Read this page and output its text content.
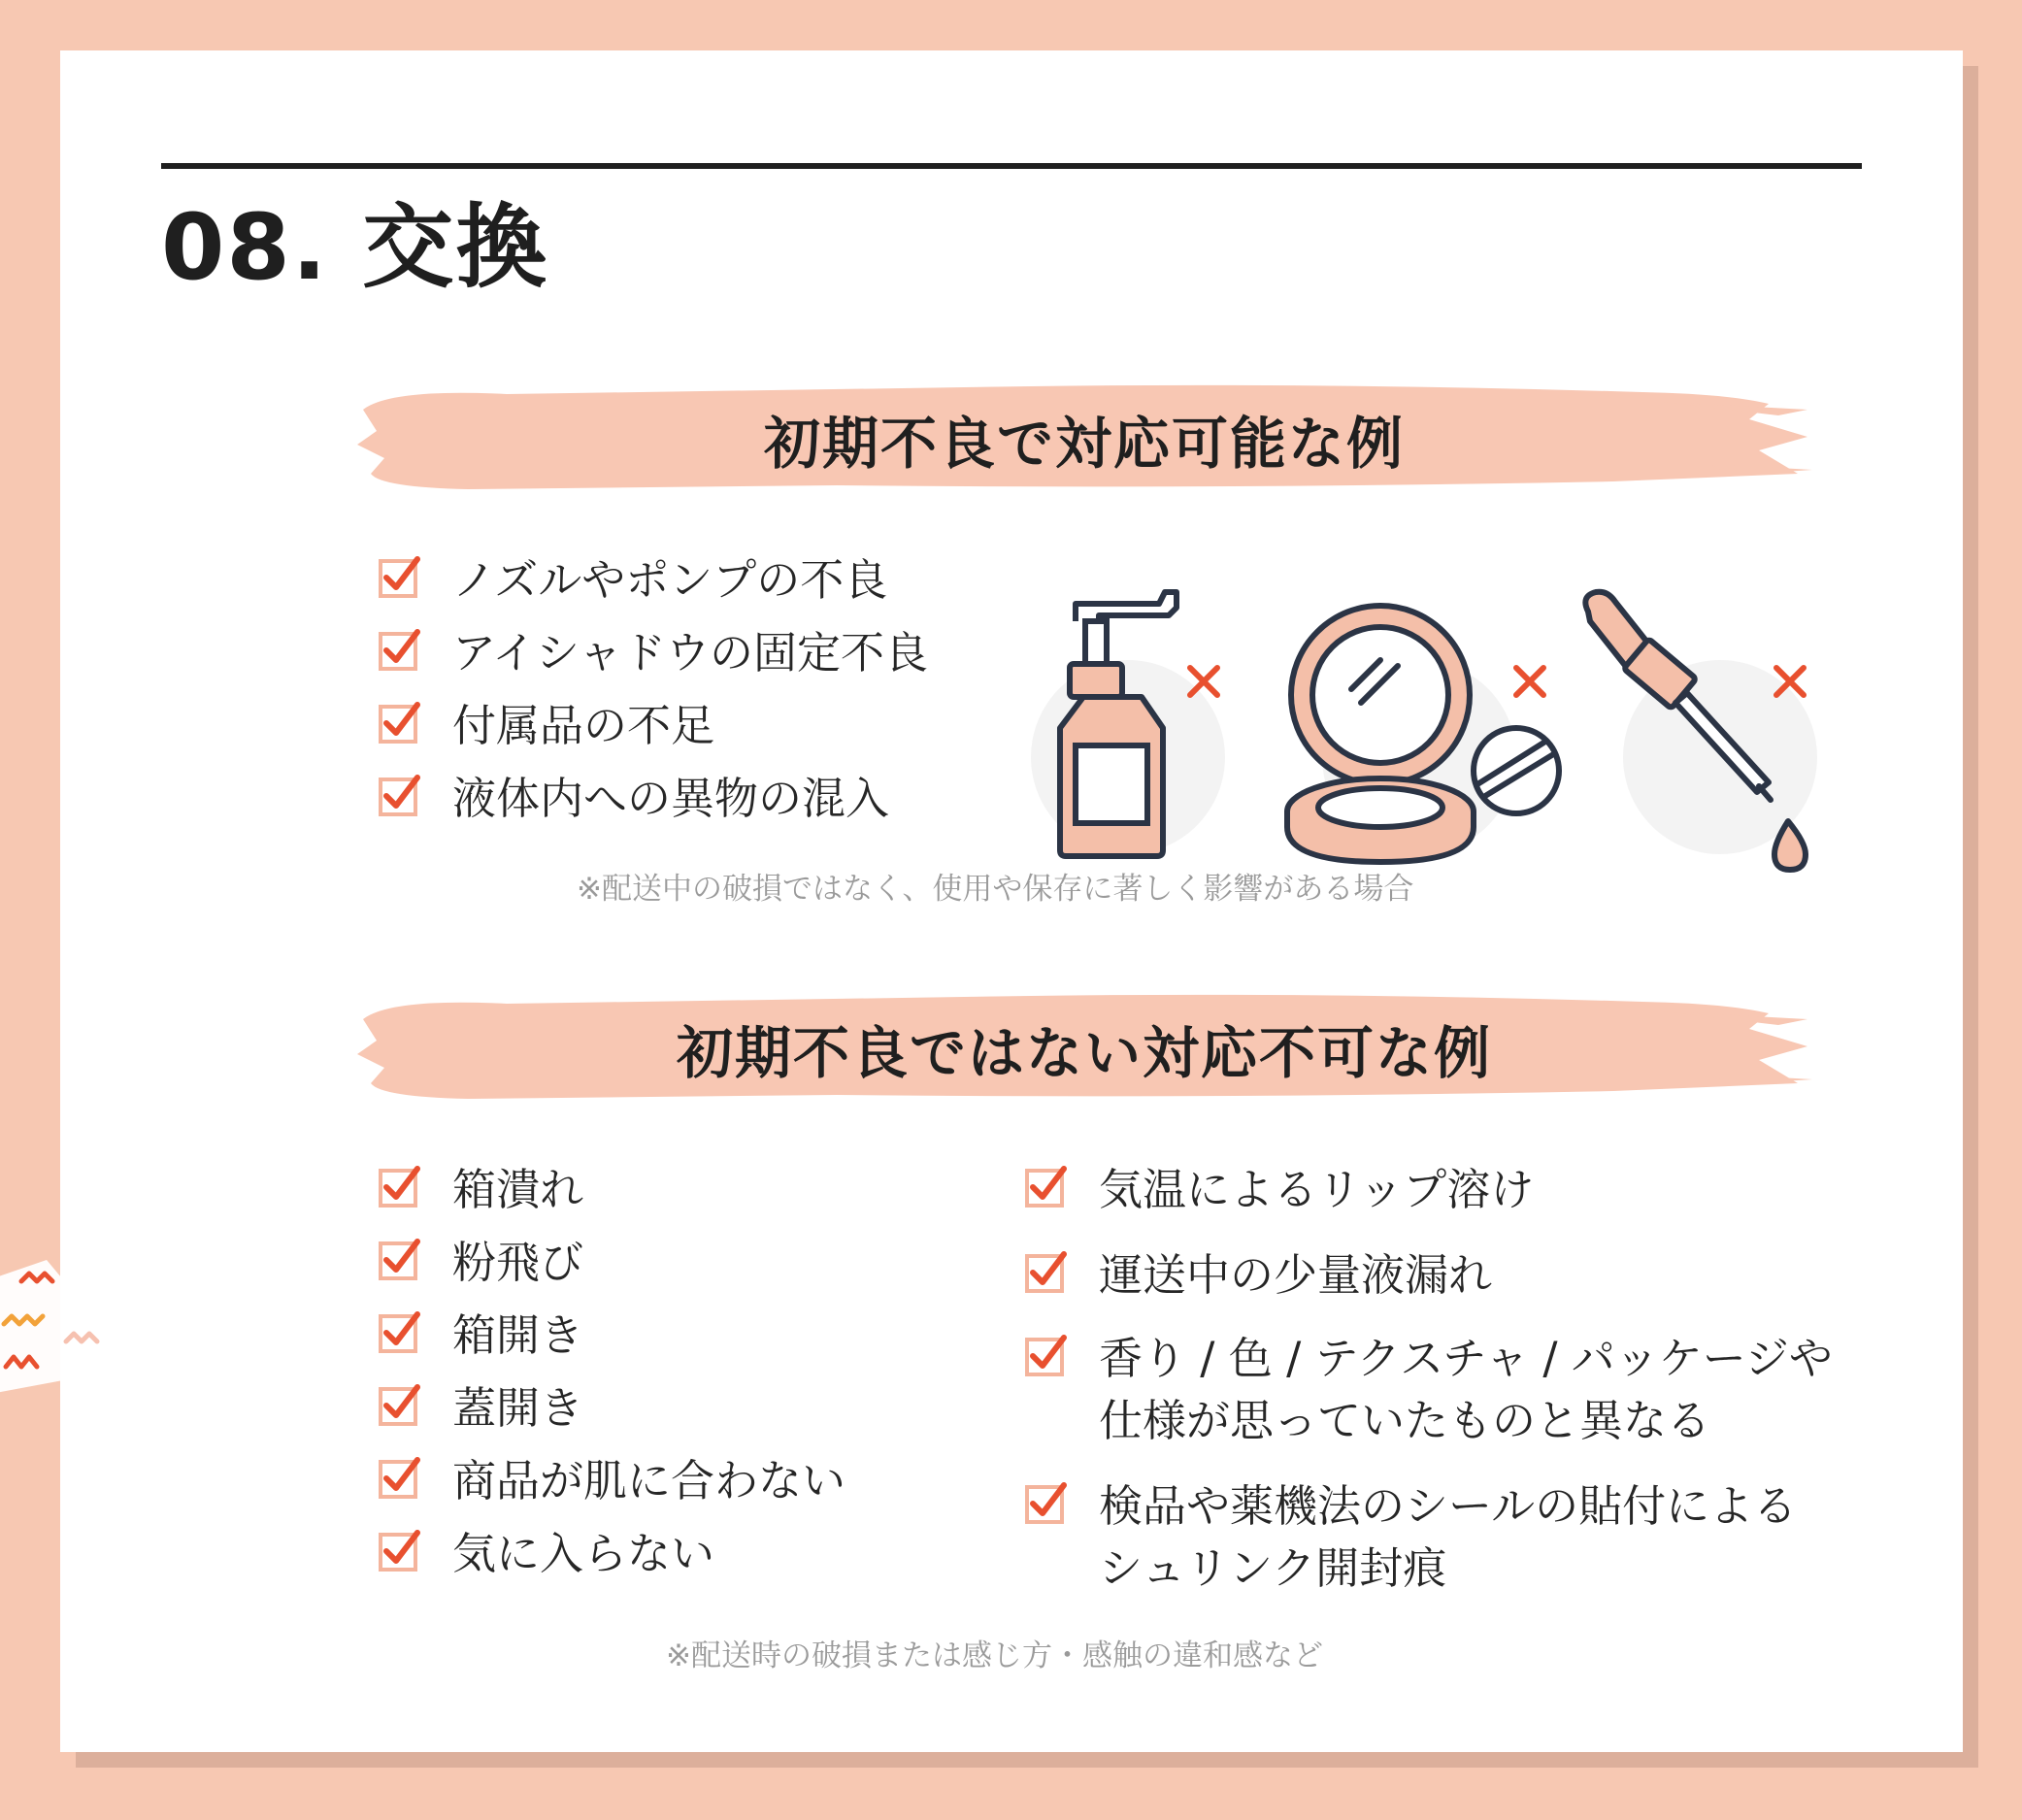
08. 交換
初期不良で対応可能な例
ノズルやポンプの不良
アイシャドウの固定不良
付属品の不足
液体内への異物の混入
※配送中の破損ではなく、使用や保存に著しく影響がある場合
初期不良ではない対応不可な例
箱潰れ
粉飛び
箱開き
蓋開き
商品が肌に合わない
気に入らない
気温によるリップ溶け
運送中の少量液漏れ
香り / 色 / テクスチャ / パッケージや
仕様が思っていたものと異なる
検品や薬機法のシールの貼付による
シュリンク開封痕
※配送時の破損または感じ方・感触の違和感など
